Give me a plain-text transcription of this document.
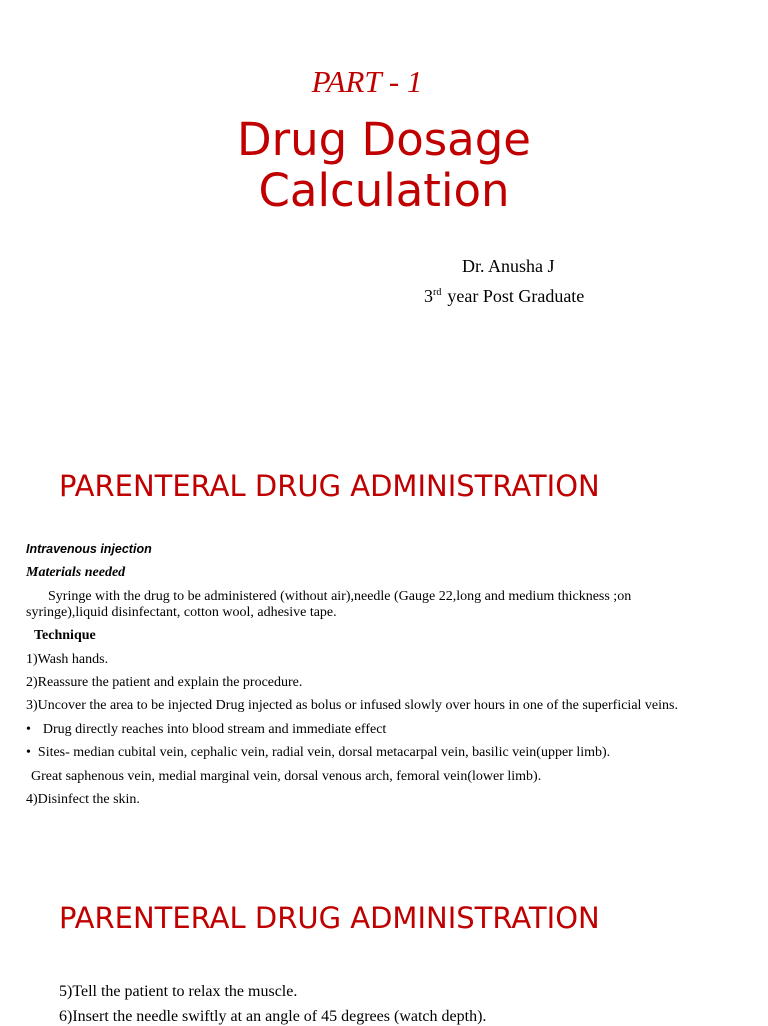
PART - 1
Drug Dosage
Calculation
Dr. Anusha J
3rd year Post Graduate
PARENTERAL DRUG ADMINISTRATION
Intravenous injection
Materials needed
Syringe with the drug to be administered (without air),needle (Gauge 22,long and medium thickness ;on syringe),liquid disinfectant, cotton wool, adhesive tape.
Technique
1)Wash hands.
2)Reassure the patient and explain the procedure.
3)Uncover the area to be injected Drug injected as bolus or infused slowly over hours in one of the superficial veins.
• Drug directly reaches into blood stream and immediate effect
• Sites- median cubital vein, cephalic vein, radial vein, dorsal metacarpal vein, basilic vein(upper limb).
Great saphenous vein, medial marginal vein, dorsal venous arch, femoral vein(lower limb).
4)Disinfect the skin.
PARENTERAL DRUG ADMINISTRATION
5)Tell the patient to relax the muscle.
6)Insert the needle swiftly at an angle of 45 degrees (watch depth).
